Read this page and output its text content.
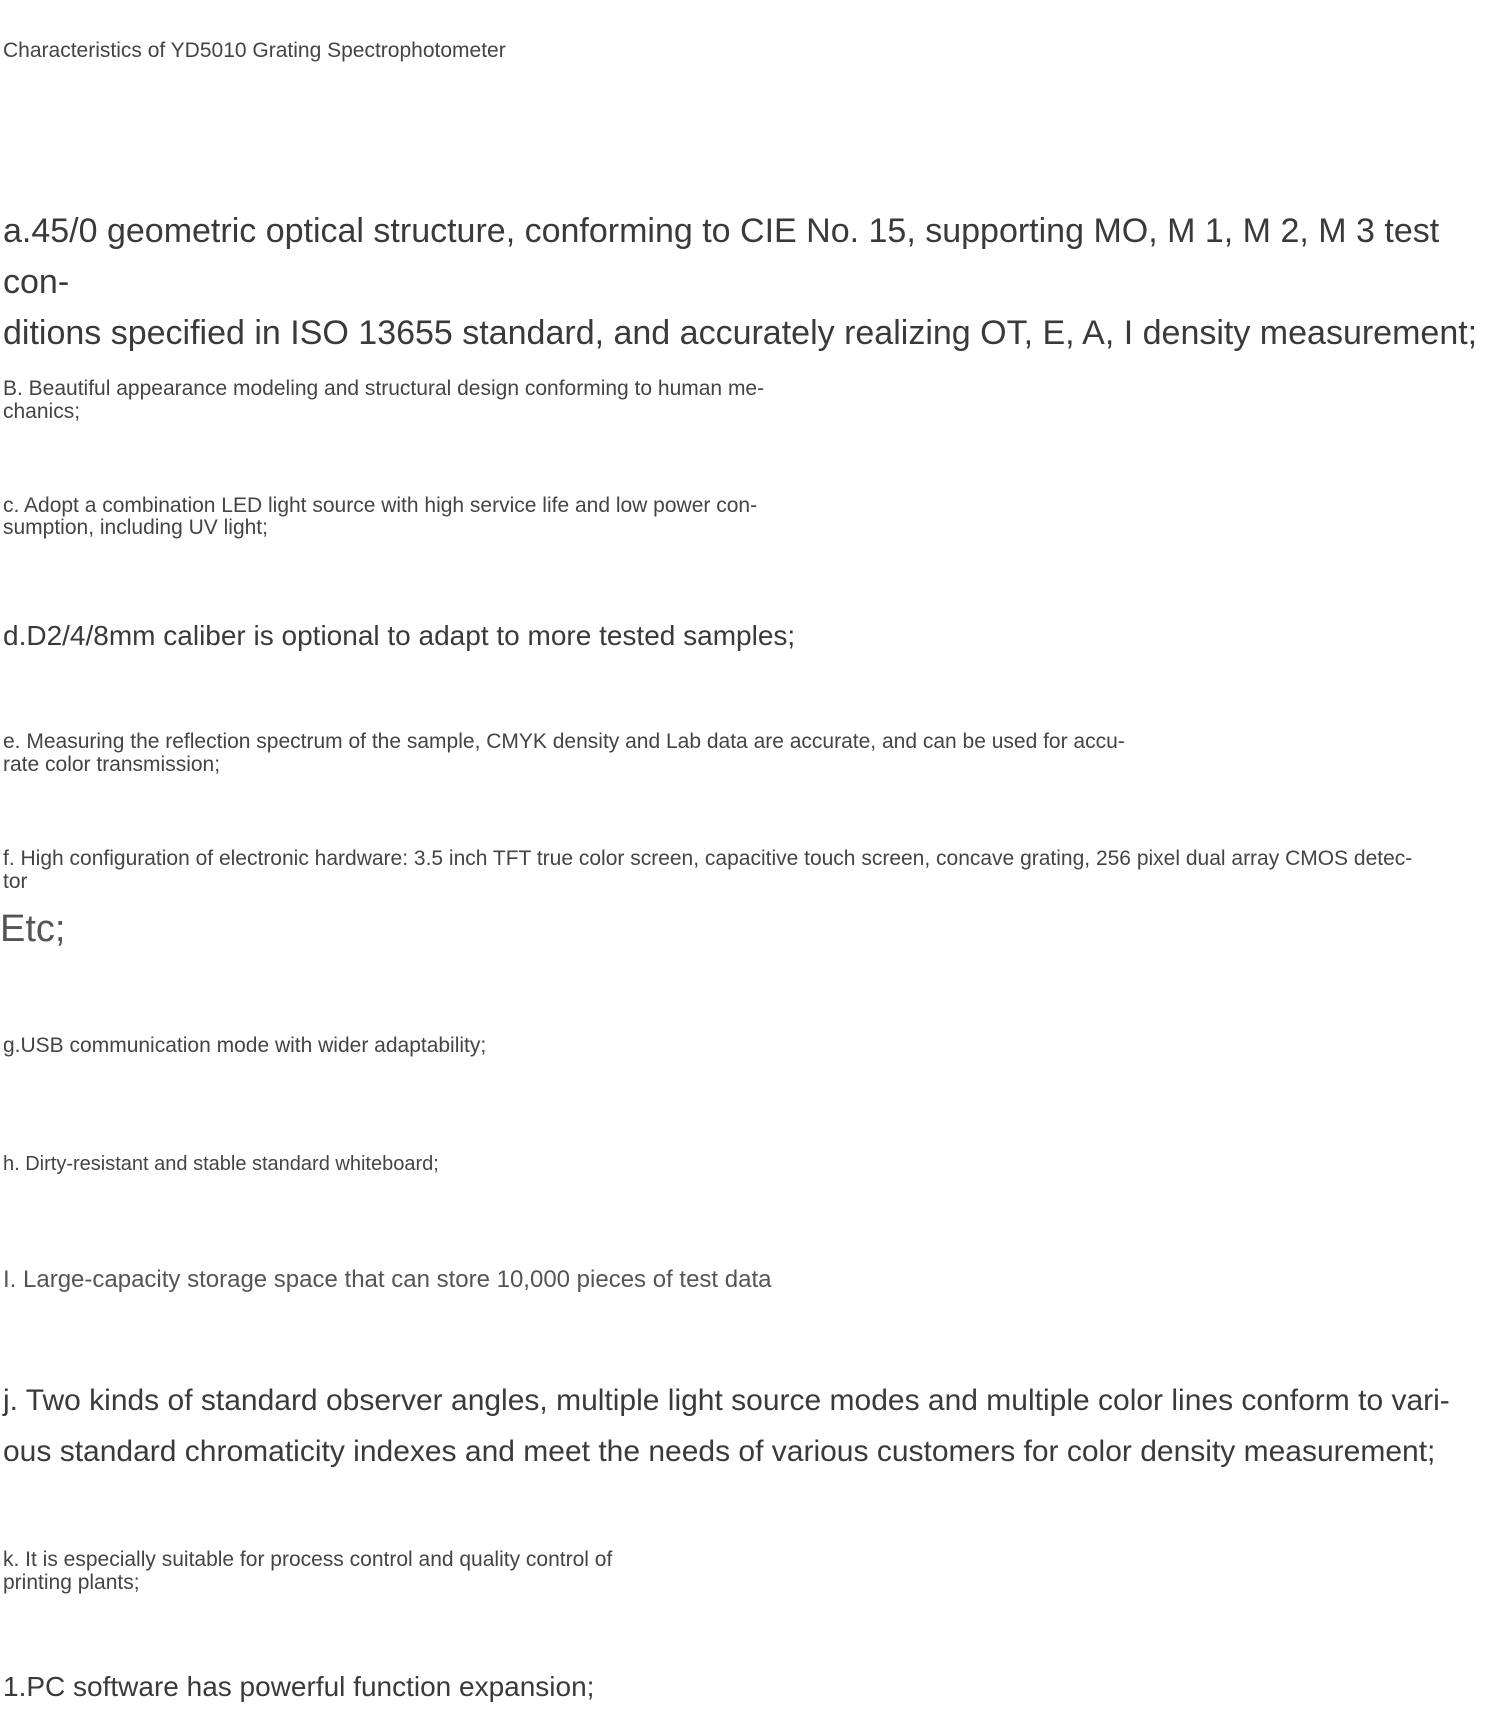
Characteristics of YD5010 Grating Spectrophotometer

a.45/0 geometric optical structure, conforming to CIE No. 15, supporting MO, M 1, M 2, M 3 test con-
ditions specified in ISO 13655 standard, and accurately realizing OT, E, A, I density measurement;

B. Beautiful appearance modeling and structural design conforming to human me-
chanics;

c. Adopt a combination LED light source with high service life and low power con-
sumption, including UV light;

d.D2/4/8mm caliber is optional to adapt to more tested samples;

e. Measuring the reflection spectrum of the sample, CMYK density and Lab data are accurate, and can be used for accu-
rate color transmission;

f. High configuration of electronic hardware: 3.5 inch TFT true color screen, capacitive touch screen, concave grating, 256 pixel dual array CMOS detec-
tor

Etc;

g.USB communication mode with wider adaptability;

h. Dirty-resistant and stable standard whiteboard;

I. Large-capacity storage space that can store 10,000 pieces of test data

j. Two kinds of standard observer angles, multiple light source modes and multiple color lines conform to vari-
ous standard chromaticity indexes and meet the needs of various customers for color density measurement;

k. It is especially suitable for process control and quality control of
printing plants;

1.PC software has powerful function expansion;
